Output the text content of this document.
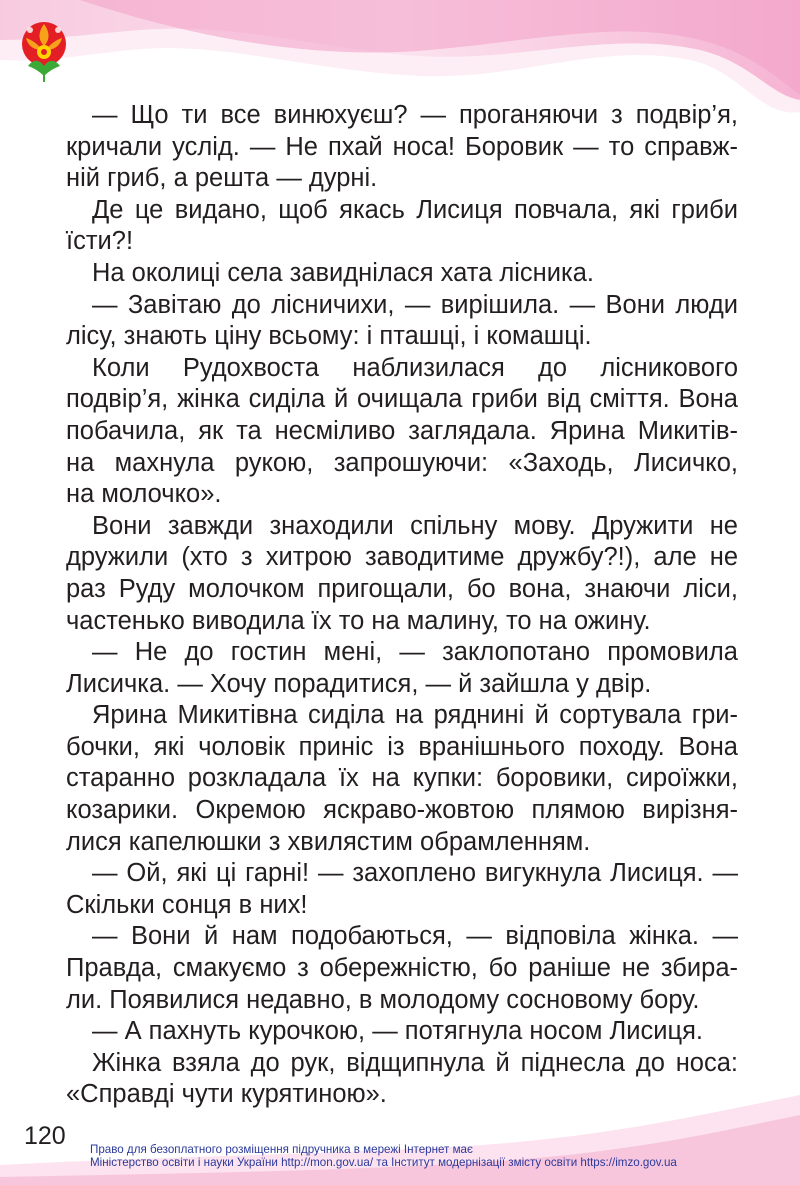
— Що ти все винюхуєш? — проганяючи з подвір’я,
кричали услід. — Не пхай носа! Боровик — то справж-
ній гриб, а решта — дурні.
Де це видано, щоб якась Лисиця повчала, які гриби
їсти?!
На околиці села завиднілася хата лісника.
— Завітаю до лісничихи, — вирішила. — Вони люди
лісу, знають ціну всьому: і пташці, і комашці.
Коли Рудохвоста наблизилася до лісникового
подвір’я, жінка сиділа й очищала гриби від сміття. Вона
побачила, як та несміливо заглядала. Ярина Микитів-
на махнула рукою, запрошуючи: «Заходь, Лисичко,
на молочко».
Вони завжди знаходили спільну мову. Дружити не
дружили (хто з хитрою заводитиме дружбу?!), але не
раз Руду молочком пригощали, бо вона, знаючи ліси,
частенько виводила їх то на малину, то на ожину.
— Не до гостин мені, — заклопотано промовила
Лисичка. — Хочу порадитися, — й зайшла у двір.
Ярина Микитівна сиділа на ряднині й сортувала гри-
бочки, які чоловік приніс із вранішнього походу. Вона
старанно розкладала їх на купки: боровики, сироїжки,
козарики. Окремою яскраво-жовтою плямою вирізня-
лися капелюшки з хвилястим обрамленням.
— Ой, які ці гарні! — захоплено вигукнула Лисиця. —
Скільки сонця в них!
— Вони й нам подобаються, — відповіла жінка. —
Правда, смакуємо з обережністю, бо раніше не збира-
ли. Появилися недавно, в молодому сосновому бору.
— А пахнуть курочкою, — потягнула носом Лисиця.
Жінка взяла до рук, відщипнула й піднесла до носа:
«Справді чути курятиною».
120 Право для безоплатного розміщення підручника в мережі Інтернет має
Міністерство освіти і науки України http://mon.gov.ua/ та Інститут модернізації змісту освіти https://imzo.gov.ua
